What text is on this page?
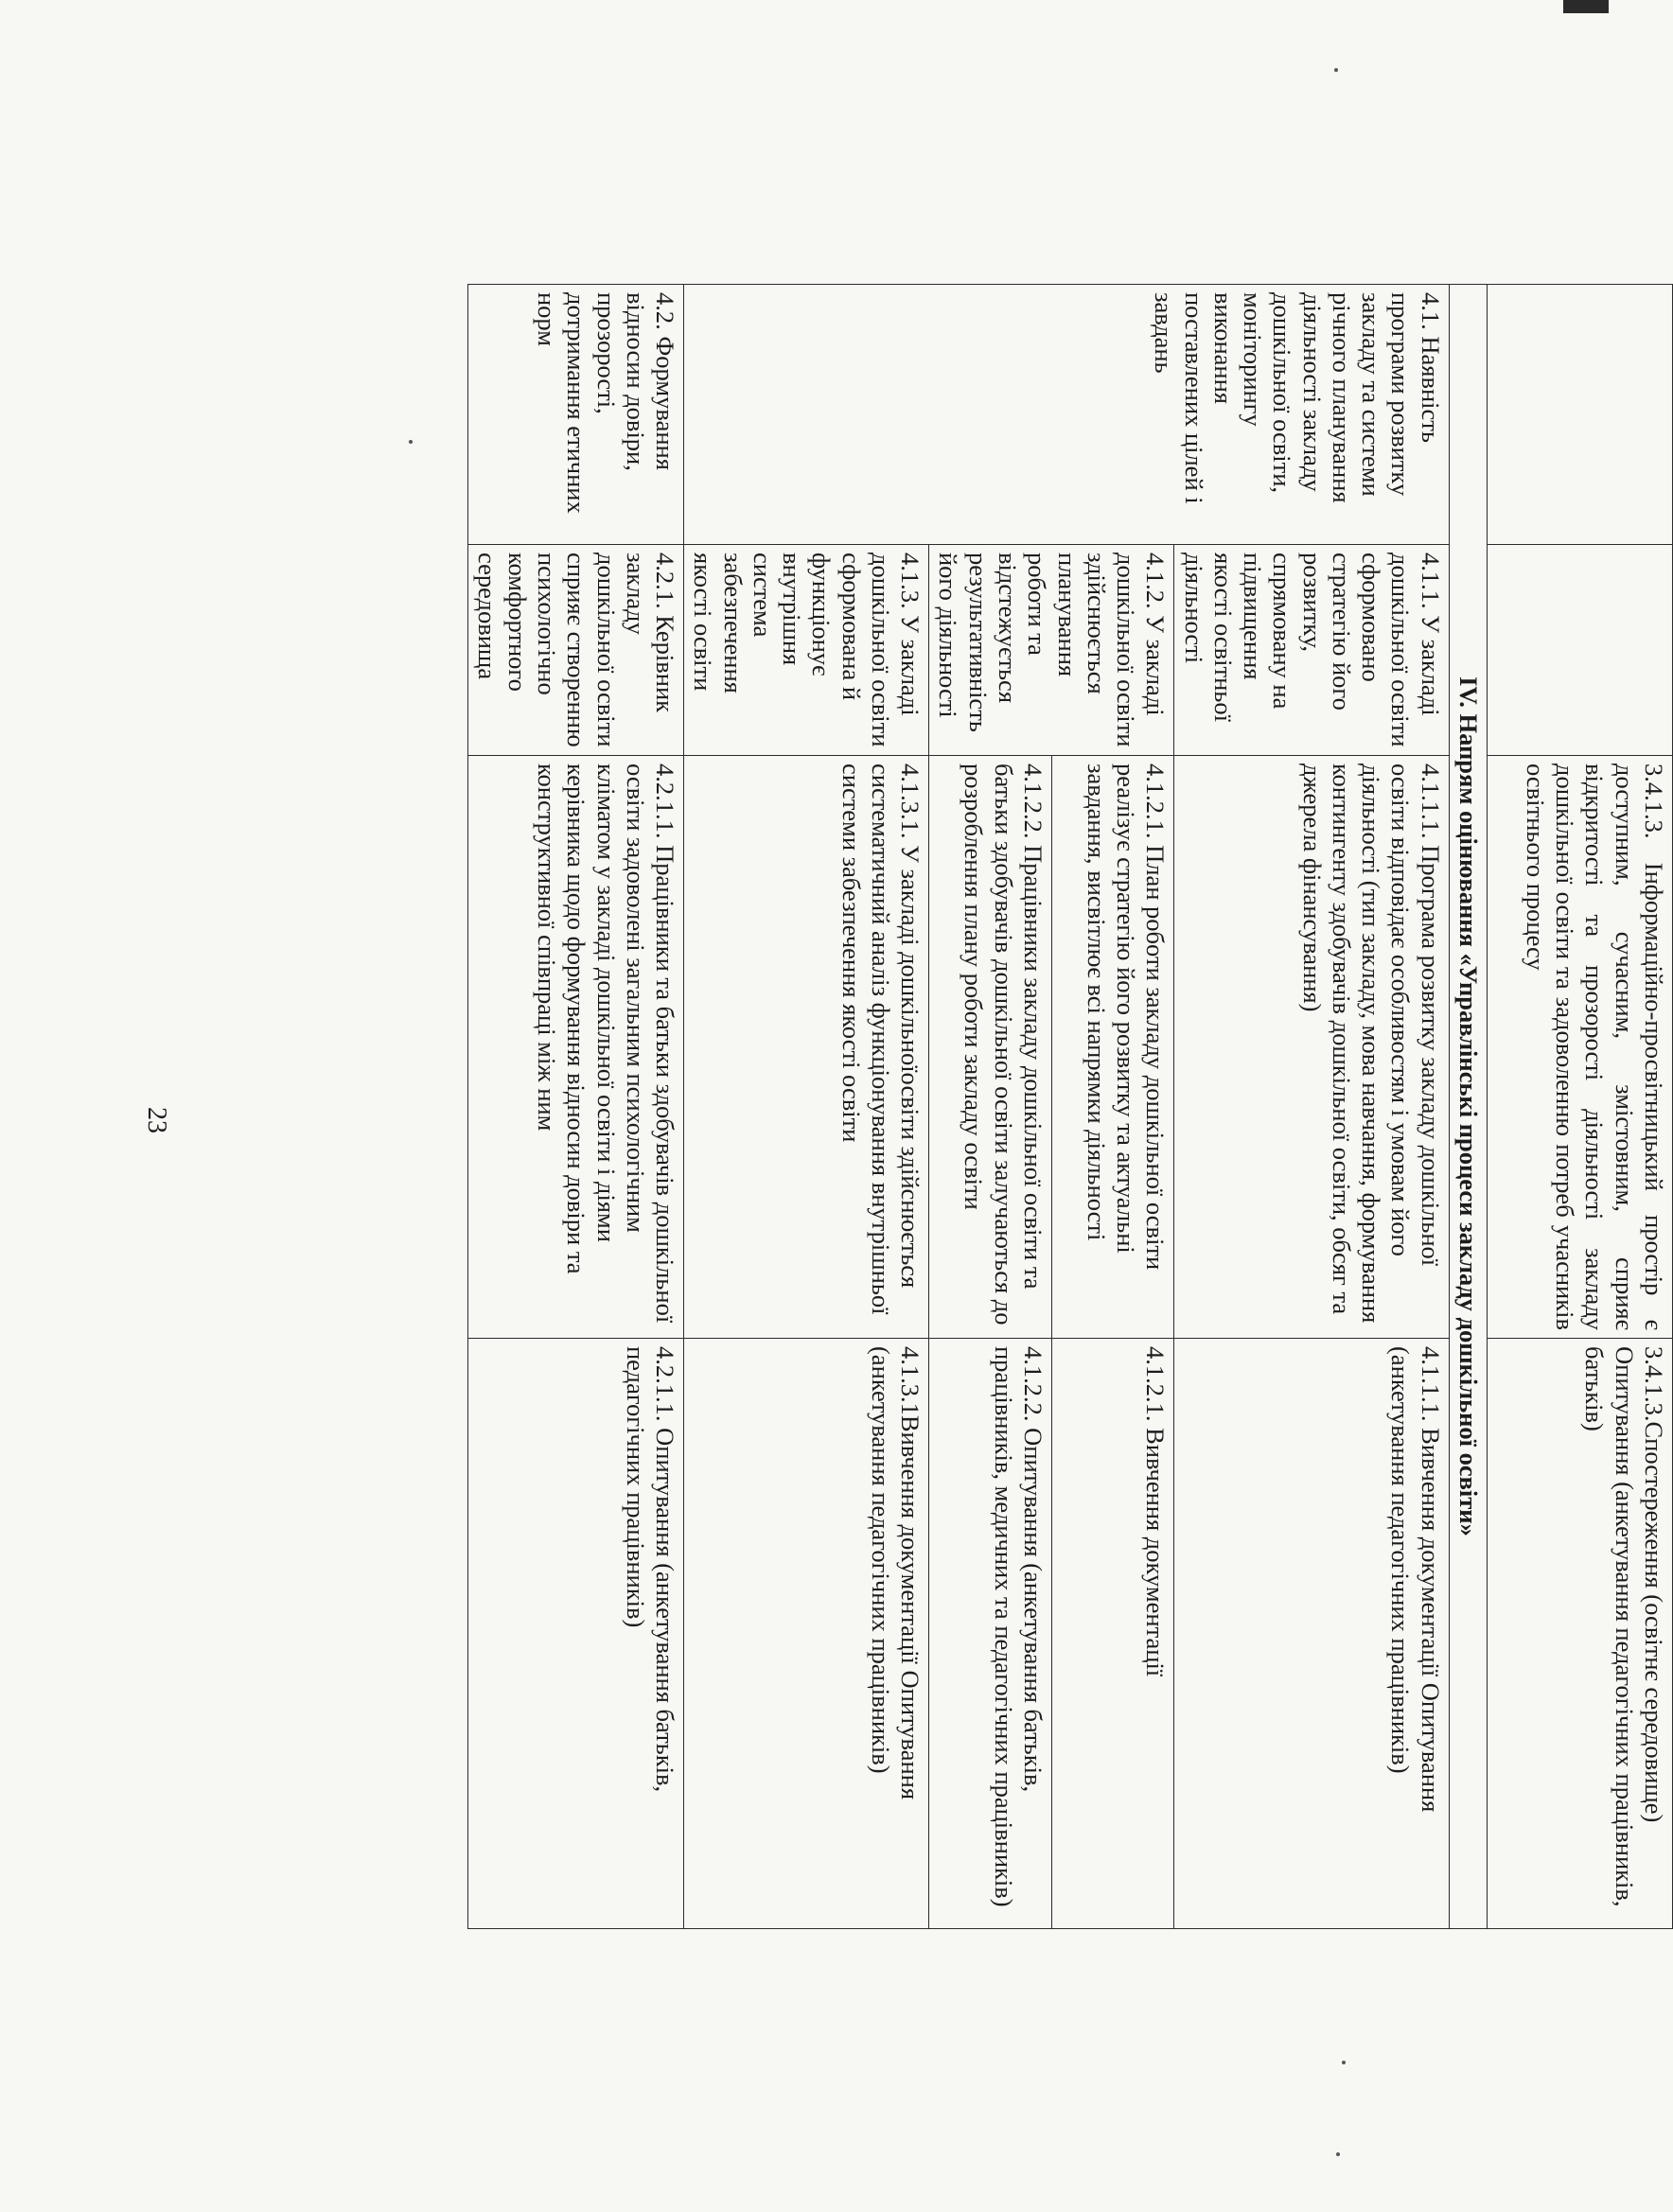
23
			3.4.1.3. Інформаційно-просвітницький простір є доступним, сучасним, змістовним, сприяє відкритості та прозорості діяльності закладу дошкільної освіти та задоволенню потреб учасників освітнього процесу	3.4.1.3.Спостереження (освітнє середовище) Опитування (анкетування педагогічних працівників, батьків)
IV. Напрям оцінювання «Управлінські процеси закладу дошкільної освіти»			
4.1. Наявність програми розвитку закладу та системи річного планування діяльності закладу дошкільної освіти, моніторингу виконання поставлених цілей і завдань	4.1.1. У закладі дошкільної освіти сформовано стратегію його розвитку, спрямовану на підвищення якості освітньої діяльності	4.1.1.1. Програма розвитку закладу дошкільної освіти відповідає особливостям і умовам його діяльності (тип закладу, мова навчання, формування контингенту здобувачів дошкільної освіти, обсяг та джерела фінансування)	4.1.1.1. Вивчення документації Опитування (анкетування педагогічних працівників)
	4.1.2. У закладі дошкільної освіти здійснюється планування роботи та відстежується результативність його діяльності	4.1.2.1. План роботи закладу дошкільної освіти реалізує стратегію його розвитку та актуальні завдання, висвітлює всі напрямки діяльності	4.1.2.1. Вивчення документації
		4.1.2.2. Працівники закладу дошкільної освіти та батьки здобувачів дошкільної освіти залучаються до розроблення плану роботи закладу освіти	4.1.2.2. Опитування (анкетування батьків, працівників, медичних та педагогічних працівників)
	4.1.3. У закладі дошкільної освіти сформована й функціонує внутрішня система забезпечення якості освіти	4.1.3.1. У закладі дошкільноїосвіти здійснюється систематичний аналіз функціонування внутрішньої системи забезпечення якості освіти	4.1.3.1Вивчення документації Опитування (анкетування педагогічних працівників)
4.2. Формування відносин довіри, прозорості, дотримання етичних норм	4.2.1. Керівник закладу дошкільної освіти сприяє створенню психологічно комфортного середовища	4.2.1.1. Працівники та батьки здобувачів дошкільної освіти задоволені загальним психологічним кліматом у закладі дошкільної освіти і діями керівника щодо формування відносин довіри та конструктивної співпраці між ним	4.2.1.1. Опитування (анкетування батьків, педагогічних працівників)
